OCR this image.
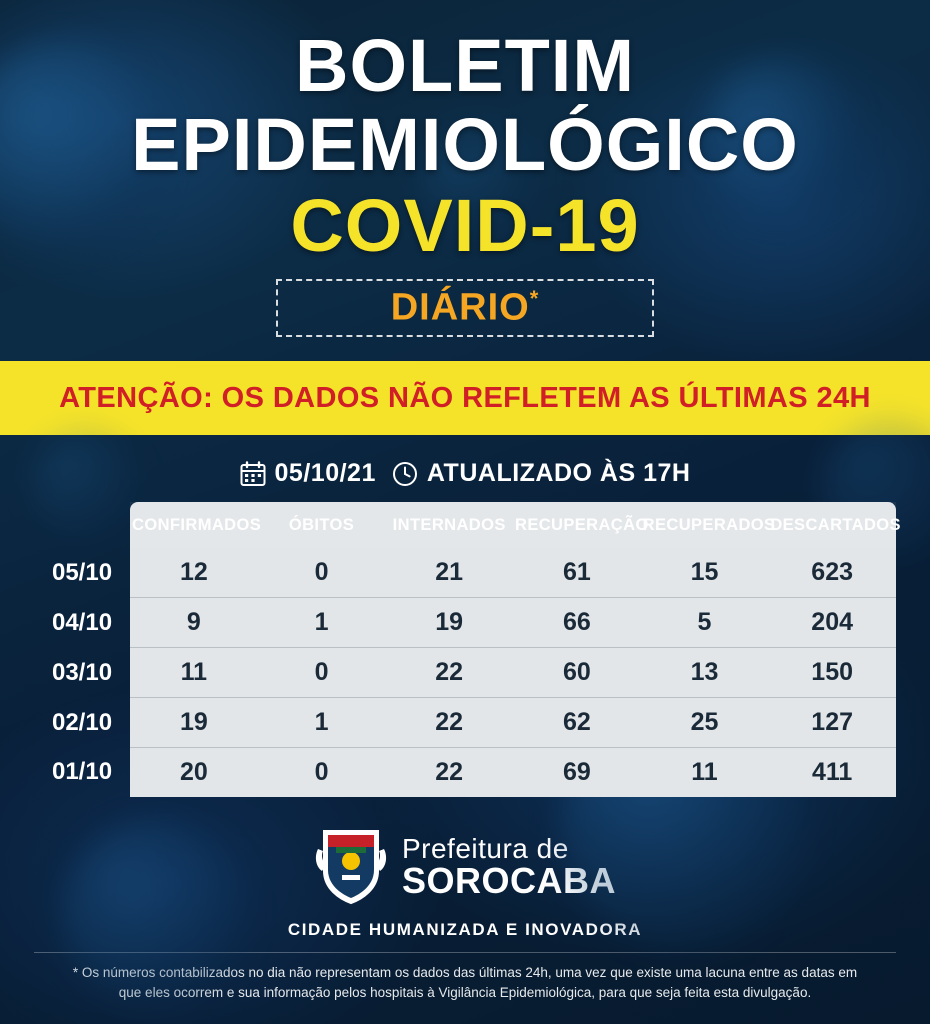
BOLETIM
EPIDEMIOLÓGICO
COVID-19
DIÁRIO*
ATENÇÃO: OS DADOS NÃO REFLETEM AS ÚLTIMAS 24H
05/10/21 ATUALIZADO ÀS 17H
	CONFIRMADOS	ÓBITOS	INTERNADOS	RECUPERAÇÃO	RECUPERADOS	DESCARTADOS
05/10	12	0	21	61	15	623
04/10	9	1	19	66	5	204
03/10	11	0	22	60	13	150
02/10	19	1	22	62	25	127
01/10	20	0	22	69	11	411
Prefeitura de
SOROCABA
CIDADE HUMANIZADA E INOVADORA
* Os números contabilizados no dia não representam os dados das últimas 24h, uma vez que existe uma lacuna entre as datas em que eles ocorrem e sua informação pelos hospitais à Vigilância Epidemiológica, para que seja feita esta divulgação.
